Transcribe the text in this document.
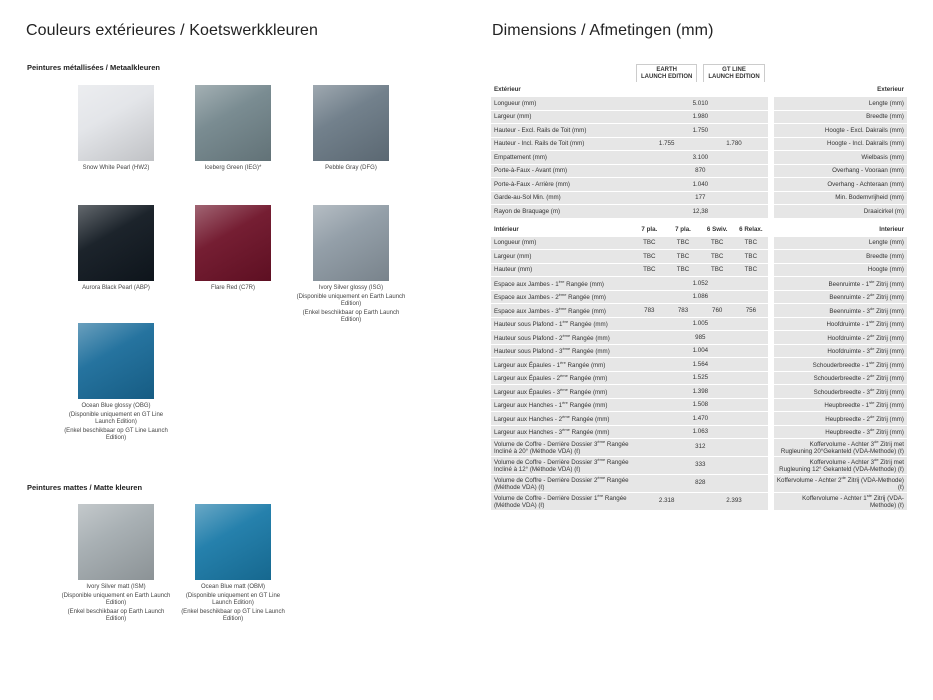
Couleurs extérieures / Koetswerkkleuren
Peintures métallisées / Metaalkleuren
Peintures mattes / Matte kleuren
Snow White Pearl (HW2)	Iceberg Green (IEG)*	Pebble Gray (DFG)
Aurora Black Pearl (ABP)	Flare Red (C7R)	Ivory Silver glossy (ISG)
(Disponible uniquement en Earth Launch Edition)
(Enkel beschikbaar op Earth Launch Edition)
Ocean Blue glossy (OBG)
(Disponible uniquement en GT Line Launch Edition)
(Enkel beschikbaar op GT Line Launch Edition)
Ivory Silver matt (ISM)
(Disponible uniquement en Earth Launch Edition)
(Enkel beschikbaar op Earth Launch Edition)
Ocean Blue matt (OBM)
(Disponible uniquement en GT Line Launch Edition)
(Enkel beschikbaar op GT Line Launch Edition)
Dimensions / Afmetingen (mm)
	EARTH
LAUNCH EDITION		GT LINE
LAUNCH EDITION			
Extérieur						Exterieur
Longueur (mm)	5.010					Lengte (mm)
Largeur (mm)	1.980					Breedte (mm)
Hauteur - Excl. Rails de Toit (mm)	1.750					Hoogte - Excl. Dakrails (mm)
Hauteur - Incl. Rails de Toit (mm)	1.755		1.780			Hoogte - Incl. Dakrails (mm)
Empattement (mm)	3.100					Wielbasis (mm)
Porte-à-Faux - Avant (mm)	870					Overhang - Vooraan (mm)
Porte-à-Faux - Arrière (mm)	1.040					Overhang - Achteraan (mm)
Garde-au-Sol Min. (mm)	177					Min. Bodemvrijheid (mm)
Rayon de Braquage (m)	12,38					Draaicirkel (m)

Intérieur	7 pla.	7 pla.	6 Swiv.	6 Relax.		Interieur
Longueur (mm)	TBC	TBC	TBC	TBC		Lengte (mm)
Largeur (mm)	TBC	TBC	TBC	TBC		Breedte (mm)
Hauteur (mm)	TBC	TBC	TBC	TBC		Hoogte (mm)
Espace aux Jambes - 1ère Rangée (mm)	1.052					Beenruimte - 1ste Zitrij (mm)
Espace aux Jambes - 2ème Rangée (mm)	1.086					Beenruimte - 2de Zitrij (mm)
Espace aux Jambes - 3ème Rangée (mm)	783	783	760	756		Beenruimte - 3de Zitrij (mm)
Hauteur sous Plafond - 1ère Rangée (mm)	1.005					Hoofdruimte - 1ste Zitrij (mm)
Hauteur sous Plafond - 2ème Rangée (mm)	985					Hoofdruimte - 2de Zitrij (mm)
Hauteur sous Plafond - 3ème Rangée (mm)	1.004					Hoofdruimte - 3de Zitrij (mm)
Largeur aux Épaules - 1ère Rangée (mm)	1.564					Schouderbreedte - 1ste Zitrij (mm)
Largeur aux Épaules - 2ème Rangée (mm)	1.525					Schouderbreedte - 2de Zitrij (mm)
Largeur aux Épaules - 3ème Rangée (mm)	1.398					Schouderbreedte - 3de Zitrij (mm)
Largeur aux Hanches - 1ère Rangée (mm)	1.508					Heupbreedte - 1ste Zitrij (mm)
Largeur aux Hanches - 2ème Rangée (mm)	1.470					Heupbreedte - 2de Zitrij (mm)
Largeur aux Hanches - 3ème Rangée (mm)	1.063					Heupbreedte - 3de Zitrij (mm)
Volume de Coffre - Derrière Dossier 3ème Rangée Incliné à 20° (Méthode VDA) (ℓ)	312					Koffervolume - Achter 3de Zitrij met Rugleuning 20°Gekanteld (VDA-Methode) (ℓ)
Volume de Coffre - Derrière Dossier 3ème Rangée Incliné à 12° (Méthode VDA) (ℓ)	333					Koffervolume - Achter 3de Zitrij met Rugleuning 12° Gekanteld (VDA-Methode) (ℓ)
Volume de Coffre - Derrière Dossier 2ème Rangée (Méthode VDA) (ℓ)	828					Koffervolume - Achter 2de Zitrij (VDA-Methode) (ℓ)
Volume de Coffre - Derrière Dossier 1ère Rangée (Méthode VDA) (ℓ)	2.318		2.393			Koffervolume - Achter 1ste Zitrij (VDA-Methode) (ℓ)
